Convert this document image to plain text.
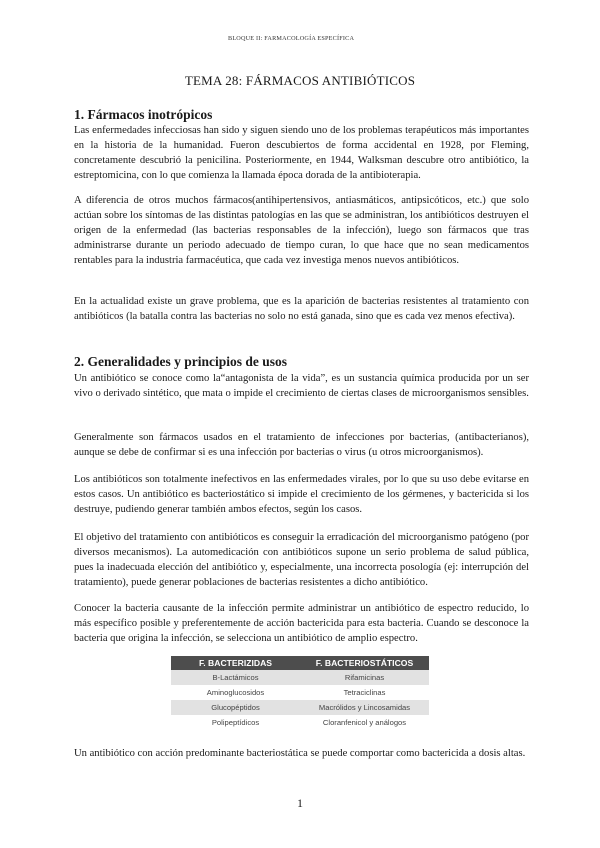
BLOQUE II: FARMACOLOGÍA ESPECÍFICA
TEMA 28: FÁRMACOS ANTIBIÓTICOS
1. Fármacos inotrópicos
Las enfermedades infecciosas han sido y siguen siendo uno de los problemas terapéuticos más importantes en la historia de la humanidad. Fueron descubiertos de forma accidental en 1928, por Fleming, concretamente descubrió la penicilina. Posteriormente, en 1944, Walksman descubre otro antibiótico, la estreptomicina, con lo que comienza la llamada época dorada de la antibioterapia.
A diferencia de otros muchos fármacos(antihipertensivos, antiasmáticos, antipsicóticos, etc.) que solo actúan sobre los síntomas de las distintas patologías en las que se administran, los antibióticos destruyen el origen de la enfermedad (las bacterias responsables de la infección), luego son fármacos que tras administrarse durante un periodo adecuado de tiempo curan, lo que hace que no sean medicamentos rentables para la industria farmacéutica, que cada vez investiga menos nuevos antibióticos.
En la actualidad existe un grave problema, que es la aparición de bacterias resistentes al tratamiento con antibióticos (la batalla contra las bacterias no solo no está ganada, sino que es cada vez menos efectiva).
2. Generalidades y principios de usos
Un antibiótico se conoce como la“antagonista de la vida”, es un sustancia química producida por un ser vivo o derivado sintético, que mata o impide el crecimiento de ciertas clases de microorganismos sensibles.
Generalmente son fármacos usados en el tratamiento de infecciones por bacterias, (antibacterianos), aunque se debe de confirmar si es una infección por bacterias o virus (u otros microorganismos).
Los antibióticos son totalmente inefectivos en las enfermedades virales, por lo que su uso debe evitarse en estos casos. Un antibiótico es bacteriostático si impide el crecimiento de los gérmenes, y bactericida si los destruye, pudiendo generar también ambos efectos, según los casos.
El objetivo del tratamiento con antibióticos es conseguir la erradicación del microorganismo patógeno (por diversos mecanismos). La automedicación con antibióticos supone un serio problema de salud pública, pues la inadecuada elección del antibiótico y, especialmente, una incorrecta posología (ej: interrupción del tratamiento), puede generar poblaciones de bacterias resistentes a dicho antibiótico.
Conocer la bacteria causante de la infección permite administrar un antibiótico de espectro reducido, lo más específico posible y preferentemente de acción bactericida para esta bacteria. Cuando se desconoce la bacteria que origina la infección, se selecciona un antibiótico de amplio espectro.
F. BACTERIZIDAS	F. BACTERIOSTÁTICOS
B-Lactámicos	Rifamicinas
Aminoglucosidos	Tetraciclinas
Glucopéptidos	Macrólidos y Lincosamidas
Polipeptídicos	Cloranfenicol y análogos
Un antibiótico con acción predominante bacteriostática se puede comportar como bactericida a dosis altas.
1
